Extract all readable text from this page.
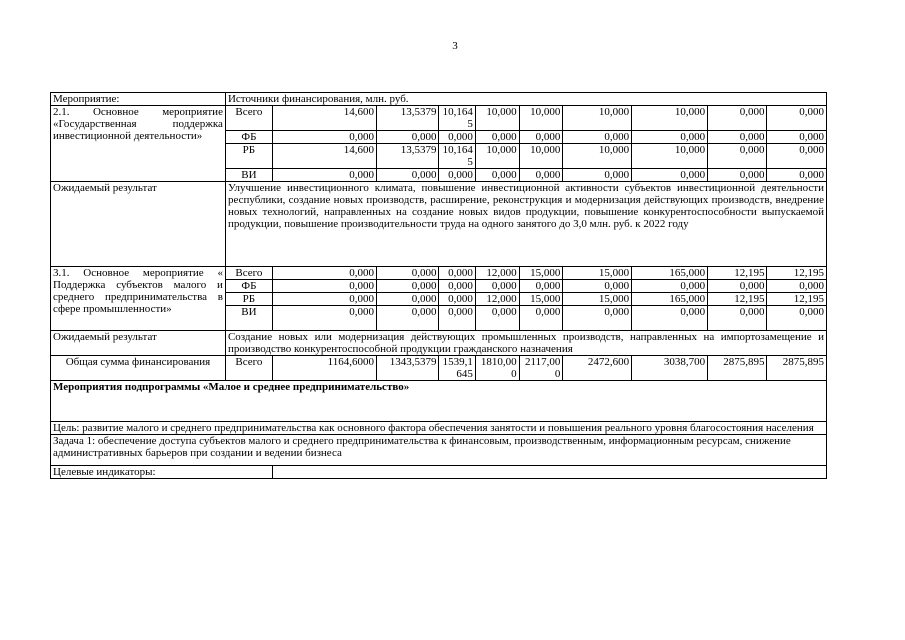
3
Мероприятие:	Источники финансирования, млн. руб.									
2.1. Основное мероприятие «Государственная поддержка инвестиционной деятельности»	Всего	14,600	13,5379	10,1645	10,000	10,000	10,000	10,000	0,000	0,000
	ФБ	0,000	0,000	0,000	0,000	0,000	0,000	0,000	0,000	0,000
	РБ	14,600	13,5379	10,1645	10,000	10,000	10,000	10,000	0,000	0,000
	ВИ	0,000	0,000	0,000	0,000	0,000	0,000	0,000	0,000	0,000
Ожидаемый результат	Улучшение инвестиционного климата, повышение инвестиционной активности субъектов инвестиционной деятельности республики, создание новых производств, расширение, реконструкция и модернизация действующих производств, внедрение новых технологий, направленных на создание новых видов продукции, повышение конкурентоспособности выпускаемой продукции, повышение производительности труда на одного занятого до 3,0 млн. руб. к 2022 году									
3.1. Основное мероприятие « Поддержка субъектов малого и среднего предпринимательства в сфере промышленности»	Всего	0,000	0,000	0,000	12,000	15,000	15,000	165,000	12,195	12,195
	ФБ	0,000	0,000	0,000	0,000	0,000	0,000	0,000	0,000	0,000
	РБ	0,000	0,000	0,000	12,000	15,000	15,000	165,000	12,195	12,195
	ВИ	0,000	0,000	0,000	0,000	0,000	0,000	0,000	0,000	0,000
Ожидаемый результат	Создание новых или модернизация действующих промышленных производств, направленных на импортозамещение и производство конкурентоспособной продукции гражданского назначения									
Общая сумма финансирования	Всего	1164,6000	1343,5379	1539,1645	1810,000	2117,000	2472,600	3038,700	2875,895	2875,895
Мероприятия подпрограммы «Малое и среднее предпринимательство»										
Цель: развитие малого и среднего предпринимательства как основного фактора обеспечения занятости и повышения реального уровня благосостояния населения										
Задача 1: обеспечение доступа субъектов малого и среднего предпринимательства к финансовым, производственным, информационным ресурсам, снижение административных барьеров при создании и ведении бизнеса										
Целевые индикаторы:										
